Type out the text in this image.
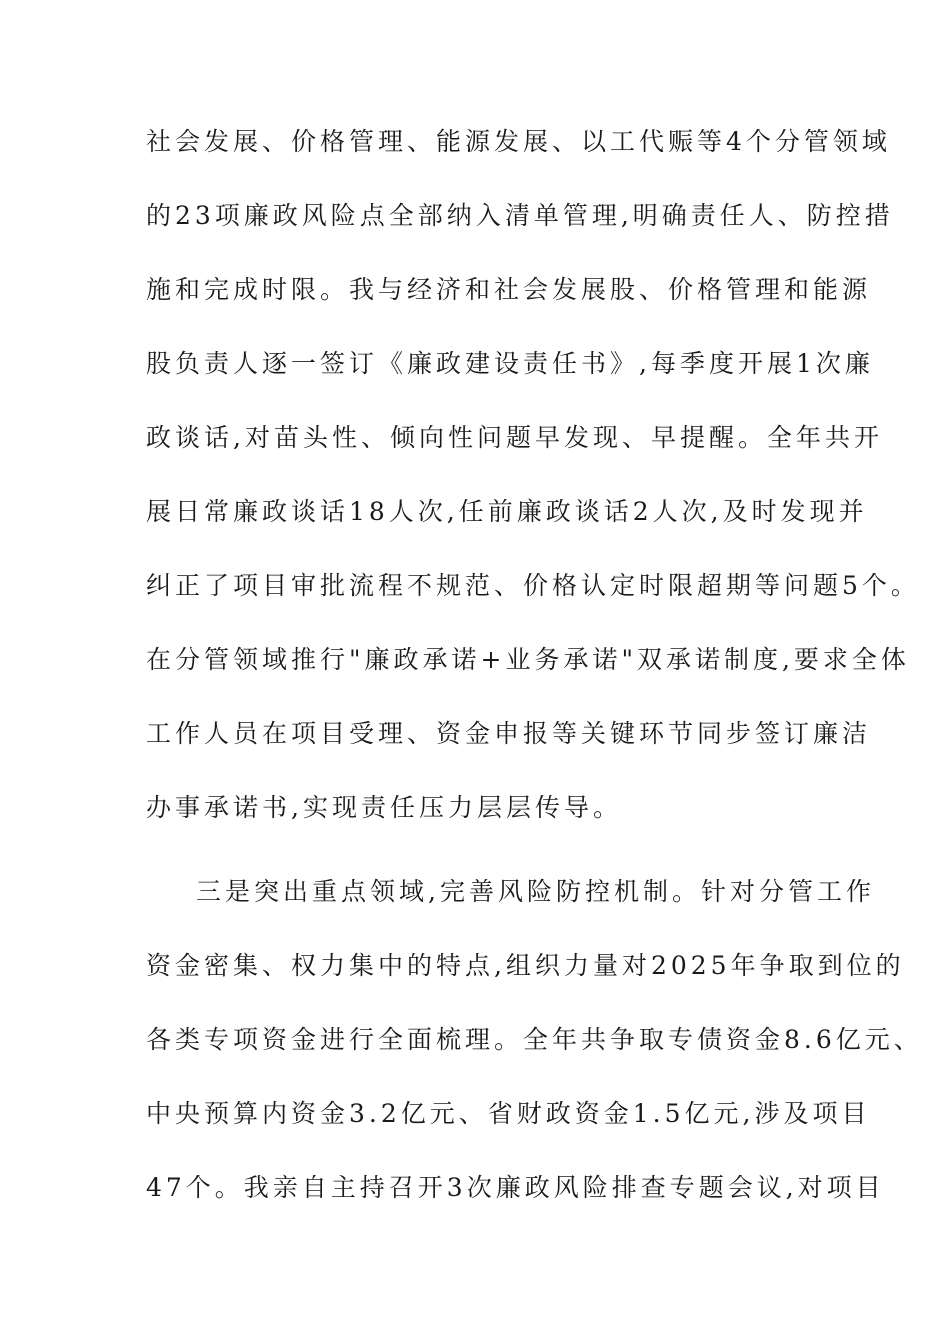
社会发展、价格管理、能源发展、以工代赈等4个分管领域

的23项廉政风险点全部纳入清单管理,明确责任人、防控措

施和完成时限。我与经济和社会发展股、价格管理和能源

股负责人逐一签订《廉政建设责任书》,每季度开展1次廉

政谈话,对苗头性、倾向性问题早发现、早提醒。全年共开

展日常廉政谈话18人次,任前廉政谈话2人次,及时发现并

纠正了项目审批流程不规范、价格认定时限超期等问题5个。

在分管领域推行"廉政承诺+业务承诺"双承诺制度,要求全体

工作人员在项目受理、资金申报等关键环节同步签订廉洁

办事承诺书,实现责任压力层层传导。

三是突出重点领域,完善风险防控机制。针对分管工作

资金密集、权力集中的特点,组织力量对2025年争取到位的

各类专项资金进行全面梳理。全年共争取专债资金8.6亿元、

中央预算内资金3.2亿元、省财政资金1.5亿元,涉及项目

47个。我亲自主持召开3次廉政风险排查专题会议,对项目
